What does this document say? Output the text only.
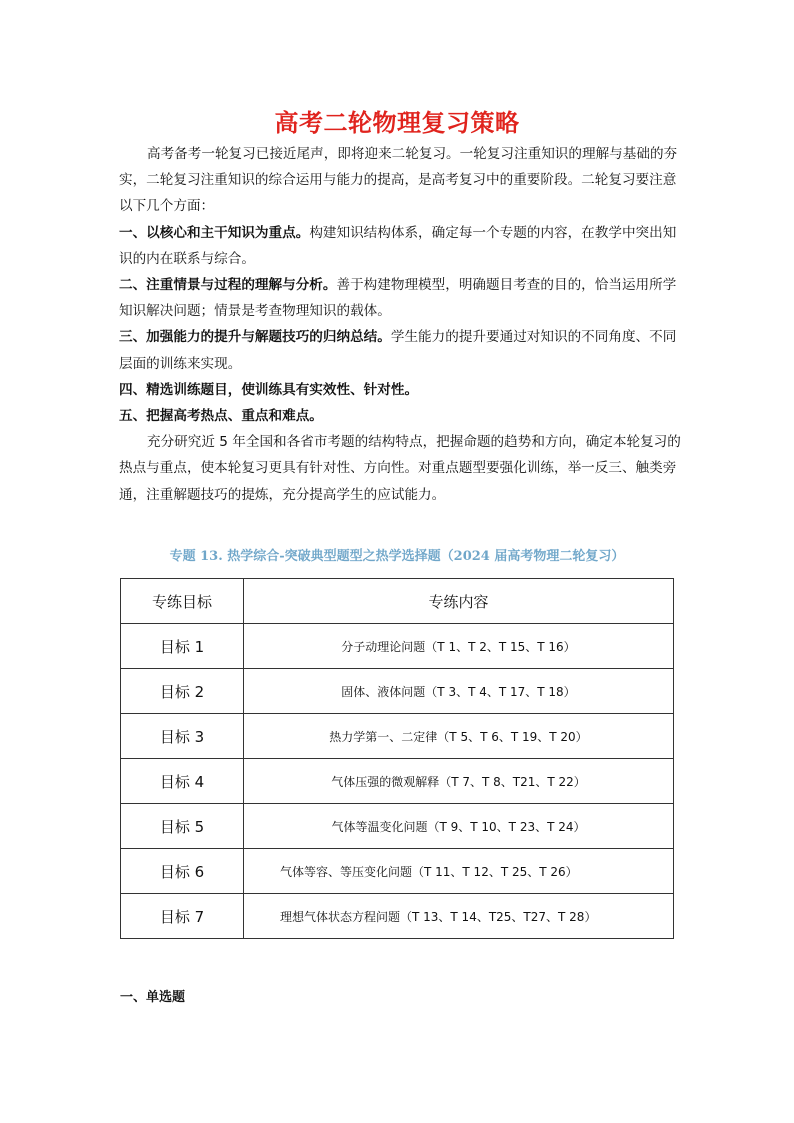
高考二轮物理复习策略

高考备考一轮复习已接近尾声，即将迎来二轮复习。一轮复习注重知识的理解与基础的夯实，二轮复习注重知识的综合运用与能力的提高，是高考复习中的重要阶段。二轮复习要注意以下几个方面：

一、以核心和主干知识为重点。构建知识结构体系，确定每一个专题的内容，在教学中突出知识的内在联系与综合。

二、注重情景与过程的理解与分析。善于构建物理模型，明确题目考查的目的，恰当运用所学知识解决问题；情景是考查物理知识的载体。

三、加强能力的提升与解题技巧的归纳总结。学生能力的提升要通过对知识的不同角度、不同层面的训练来实现。

四、精选训练题目，使训练具有实效性、针对性。

五、把握高考热点、重点和难点。

充分研究近 5 年全国和各省市考题的结构特点，把握命题的趋势和方向，确定本轮复习的热点与重点，使本轮复习更具有针对性、方向性。对重点题型要强化训练，举一反三、触类旁通，注重解题技巧的提炼，充分提高学生的应试能力。

专题 13. 热学综合-突破典型题型之热学选择题（2024 届高考物理二轮复习）
专练目标	专练内容
目标 1	分子动理论问题（T 1、T 2、T 15、T 16）
目标 2	固体、液体问题（T 3、T 4、T 17、T 18）
目标 3	热力学第一、二定律（T 5、T 6、T 19、T 20）
目标 4	气体压强的微观解释（T 7、T 8、T21、T 22）
目标 5	气体等温变化问题（T 9、T 10、T 23、T 24）
目标 6	气体等容、等压变化问题（T 11、T 12、T 25、T 26）
目标 7	理想气体状态方程问题（T 13、T 14、T25、T27、T 28）
一、单选题
